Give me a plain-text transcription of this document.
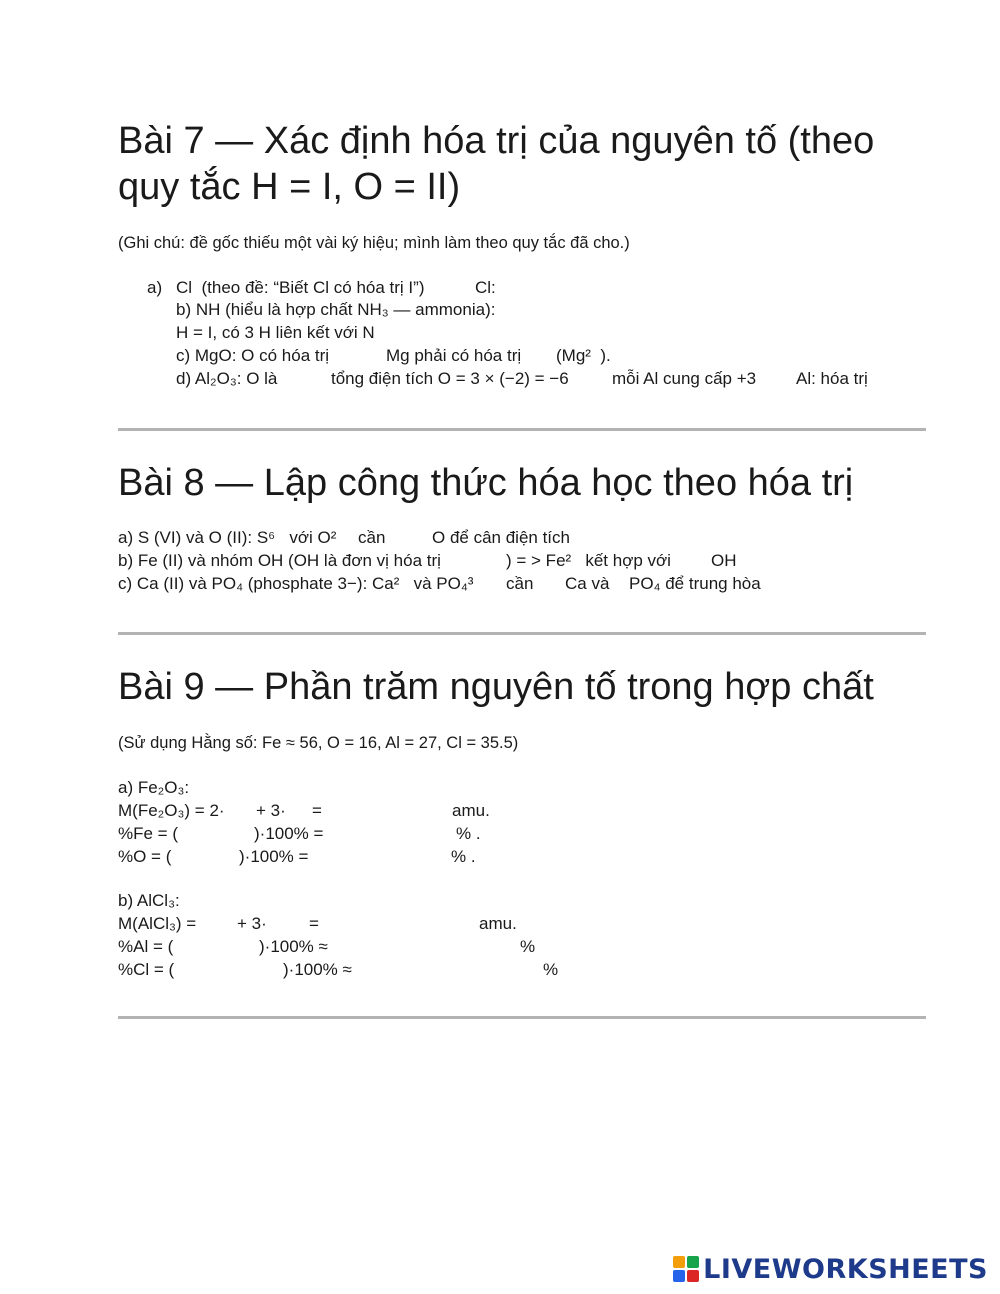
Bài 7 — Xác định hóa trị của nguyên tố (theo quy tắc H = I, O = II)
(Ghi chú: đề gốc thiếu một vài ký hiệu; mình làm theo quy tắc đã cho.)
a) Cl  (theo đề: “Biết Cl có hóa trị I”)	Cl:
b) NH (hiểu là hợp chất NH₃ — ammonia):
H = I, có 3 H liên kết với N
c) MgO: O có hóa trị	Mg phải có hóa trị (Mg²  ).
d) Al₂O₃: O là	tổng điện tích O = 3 × (−2) = −6	mỗi Al cung cấp +3 Al: hóa trị
Bài 8 — Lập công thức hóa học theo hóa trị
a) S (VI) và O (II): S⁶   với O² cần	O để cân điện tích
b) Fe (II) và nhóm OH (OH là đơn vị hóa trị	) = > Fe²   kết hợp với OH
c) Ca (II) và PO₄ (phosphate 3−): Ca²   và PO₄³ cần Ca và PO₄ để trung hòa
Bài 9 — Phần trăm nguyên tố trong hợp chất
(Sử dụng Hằng số: Fe ≈ 56, O = 16, Al = 27, Cl = 35.5)
a) Fe₂O₃:
M(Fe₂O₃) = 2· + 3· =	amu.
%Fe = (	)·100% =	% .
%O = (	)·100% =	% .
b) AlCl₃:
M(AlCl₃) = + 3· =	amu.
%Al = (	)·100% ≈	%
%Cl = (	)·100% ≈	%
LIVEWORKSHEETS
